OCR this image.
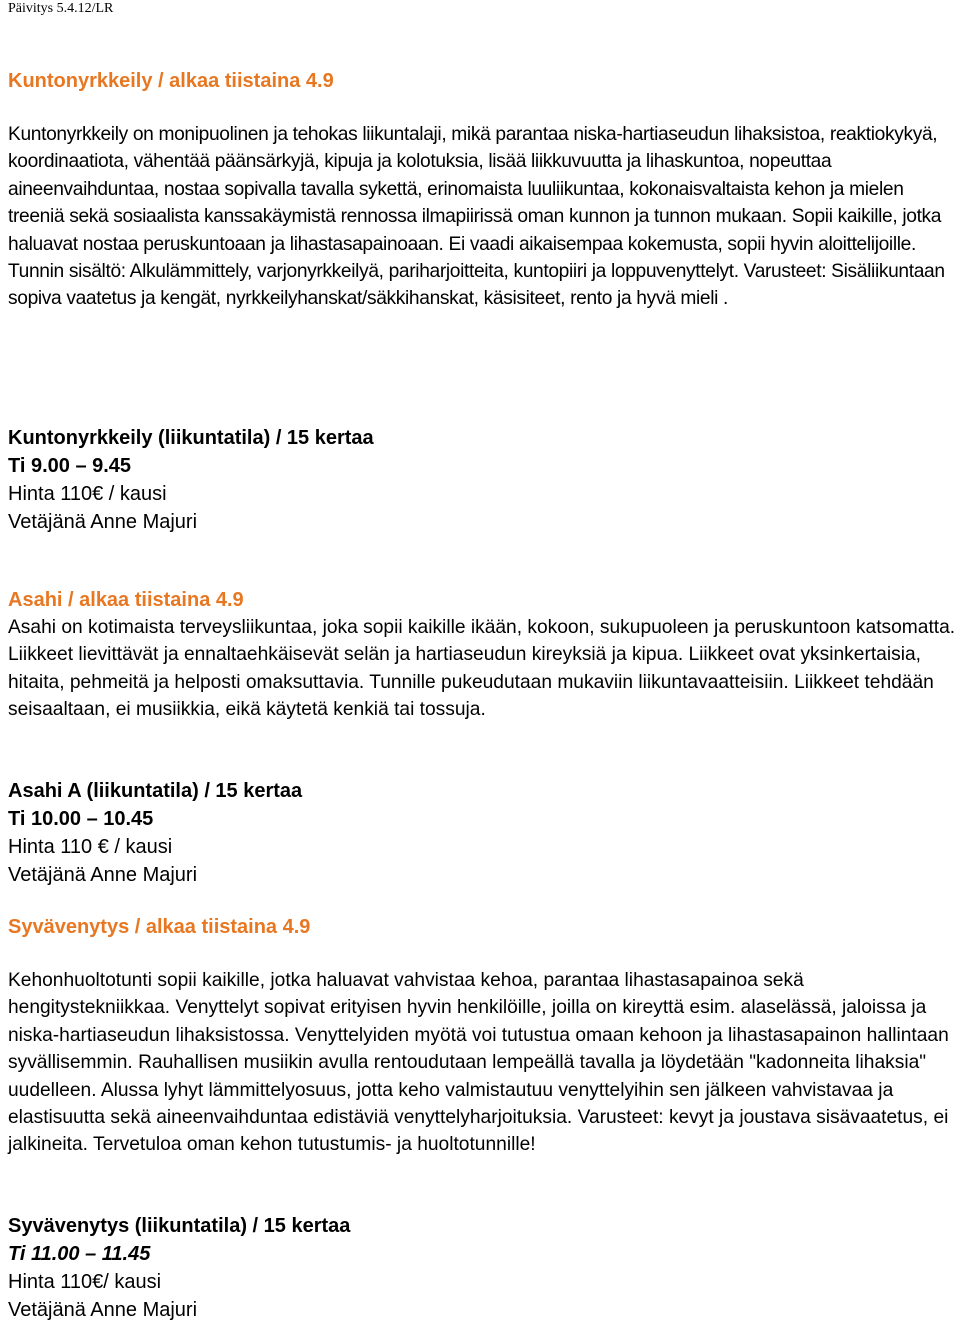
Päivitys 5.4.12/LR

Kuntonyrkkeily / alkaa tiistaina 4.9

Kuntonyrkkeily on monipuolinen ja tehokas liikuntalaji, mikä parantaa niska-hartiaseudun lihaksistoa, reaktiokykyä, koordinaatiota, vähentää päänsärkyjä, kipuja ja kolotuksia, lisää liikkuvuutta ja lihaskuntoa, nopeuttaa aineenvaihduntaa, nostaa sopivalla tavalla sykettä, erinomaista luuliikuntaa, kokonaisvaltaista kehon ja mielen treeniä sekä sosiaalista kanssakäymistä rennossa ilmapiirissä oman kunnon ja tunnon mukaan. Sopii kaikille, jotka haluavat nostaa peruskuntoaan ja lihastasapainoaan. Ei vaadi aikaisempaa kokemusta, sopii hyvin aloittelijoille. Tunnin sisältö: Alkulämmittely, varjonyrkkeilyä, pariharjoitteita, kuntopiiri ja loppuvenyttelyt. Varusteet: Sisäliikuntaan sopiva vaatetus ja kengät, nyrkkeilyhanskat/säkkihanskat, käsisiteet, rento ja hyvä mieli .

Kuntonyrkkeily (liikuntatila) / 15 kertaa

Ti 9.00 – 9.45

Hinta 110€ / kausi

Vetäjänä Anne Majuri

Asahi / alkaa tiistaina 4.9

Asahi on kotimaista terveysliikuntaa, joka sopii kaikille ikään, kokoon, sukupuoleen ja peruskuntoon katsomatta. Liikkeet lievittävät ja ennaltaehkäisevät selän ja hartiaseudun kireyksiä ja kipua. Liikkeet ovat yksinkertaisia, hitaita, pehmeitä ja helposti omaksuttavia. Tunnille pukeudutaan mukaviin liikuntavaatteisiin. Liikkeet tehdään seisaaltaan, ei musiikkia, eikä käytetä kenkiä tai tossuja.

Asahi A (liikuntatila) / 15 kertaa

Ti 10.00 – 10.45

Hinta 110 € / kausi

Vetäjänä Anne Majuri

Syvävenytys / alkaa tiistaina 4.9

Kehonhuoltotunti sopii kaikille, jotka haluavat vahvistaa kehoa, parantaa lihastasapainoa sekä hengitystekniikkaa. Venyttelyt sopivat erityisen hyvin henkilöille, joilla on kireyttä esim. alaselässä, jaloissa ja niska-hartiaseudun lihaksistossa. Venyttelyiden myötä voi tutustua omaan kehoon ja lihastasapainon hallintaan syvällisemmin. Rauhallisen musiikin avulla rentoudutaan lempeällä tavalla ja löydetään "kadonneita lihaksia" uudelleen. Alussa lyhyt lämmittelyosuus, jotta keho valmistautuu venyttelyihin sen jälkeen vahvistavaa ja elastisuutta sekä aineenvaihduntaa edistäviä venyttelyharjoituksia. Varusteet: kevyt ja joustava sisävaatetus, ei jalkineita. Tervetuloa oman kehon tutustumis- ja huoltotunnille!

Syvävenytys (liikuntatila) / 15 kertaa

Ti 11.00 – 11.45

Hinta 110€/ kausi

Vetäjänä Anne Majuri
